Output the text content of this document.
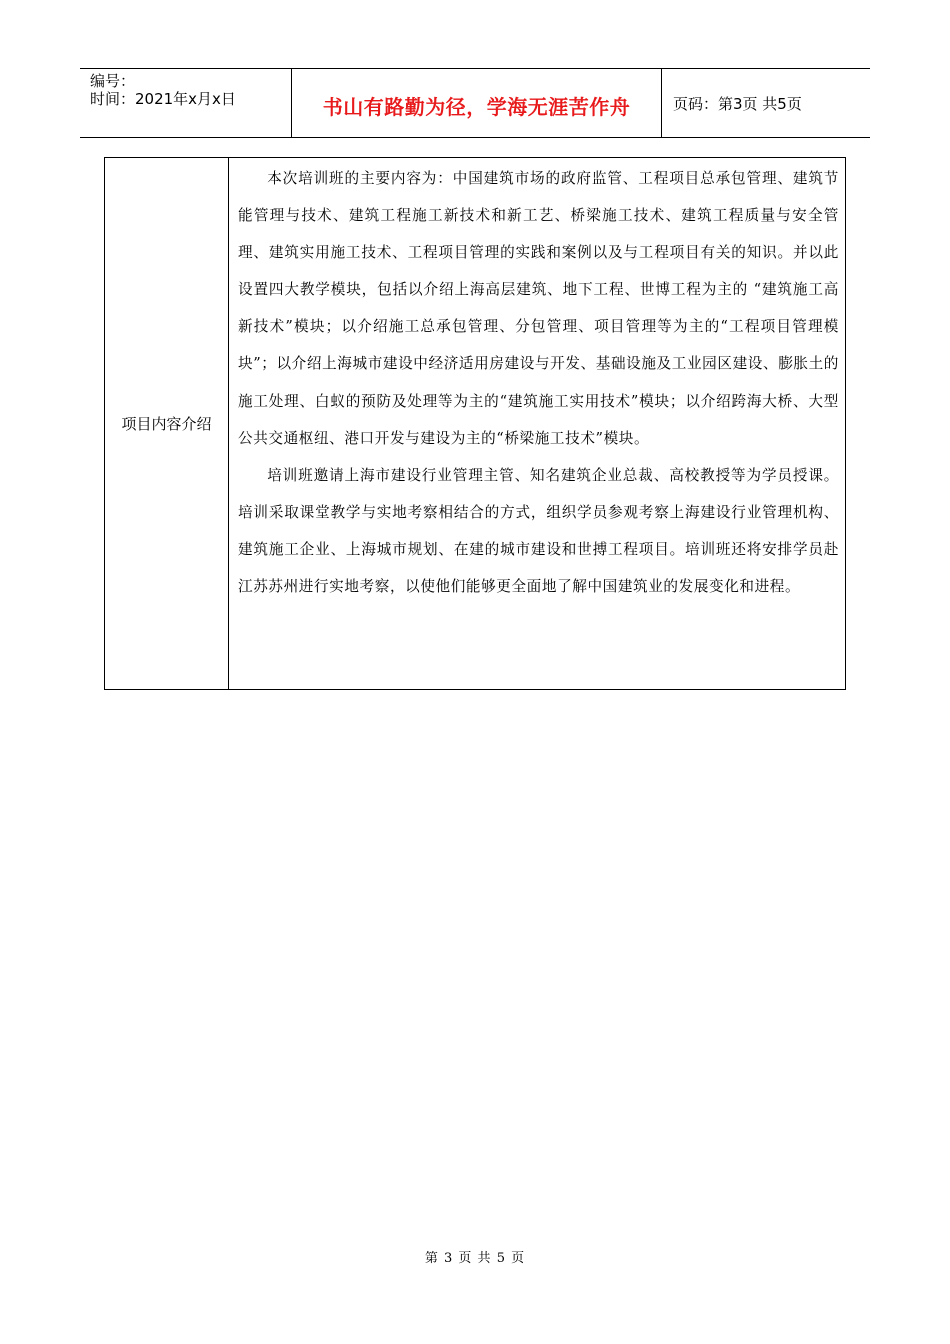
编号：
时间：2021年x月x日	书山有路勤为径，学海无涯苦作舟	页码：第3页 共5页
项目内容介绍

本次培训班的主要内容为：中国建筑市场的政府监管、工程项目总承包管理、建筑节能管理与技术、建筑工程施工新技术和新工艺、桥梁施工技术、建筑工程质量与安全管理、建筑实用施工技术、工程项目管理的实践和案例以及与工程项目有关的知识。并以此设置四大教学模块，包括以介绍上海高层建筑、地下工程、世博工程为主的 “建筑施工高新技术”模块；以介绍施工总承包管理、分包管理、项目管理等为主的“工程项目管理模块”；以介绍上海城市建设中经济适用房建设与开发、基础设施及工业园区建设、膨胀土的施工处理、白蚁的预防及处理等为主的“建筑施工实用技术”模块；以介绍跨海大桥、大型公共交通枢纽、港口开发与建设为主的“桥梁施工技术”模块。

培训班邀请上海市建设行业管理主管、知名建筑企业总裁、高校教授等为学员授课。培训采取课堂教学与实地考察相结合的方式，组织学员参观考察上海建设行业管理机构、建筑施工企业、上海城市规划、在建的城市建设和世搏工程项目。培训班还将安排学员赴江苏苏州进行实地考察，以使他们能够更全面地了解中国建筑业的发展变化和进程。

第 3 页 共 5 页
